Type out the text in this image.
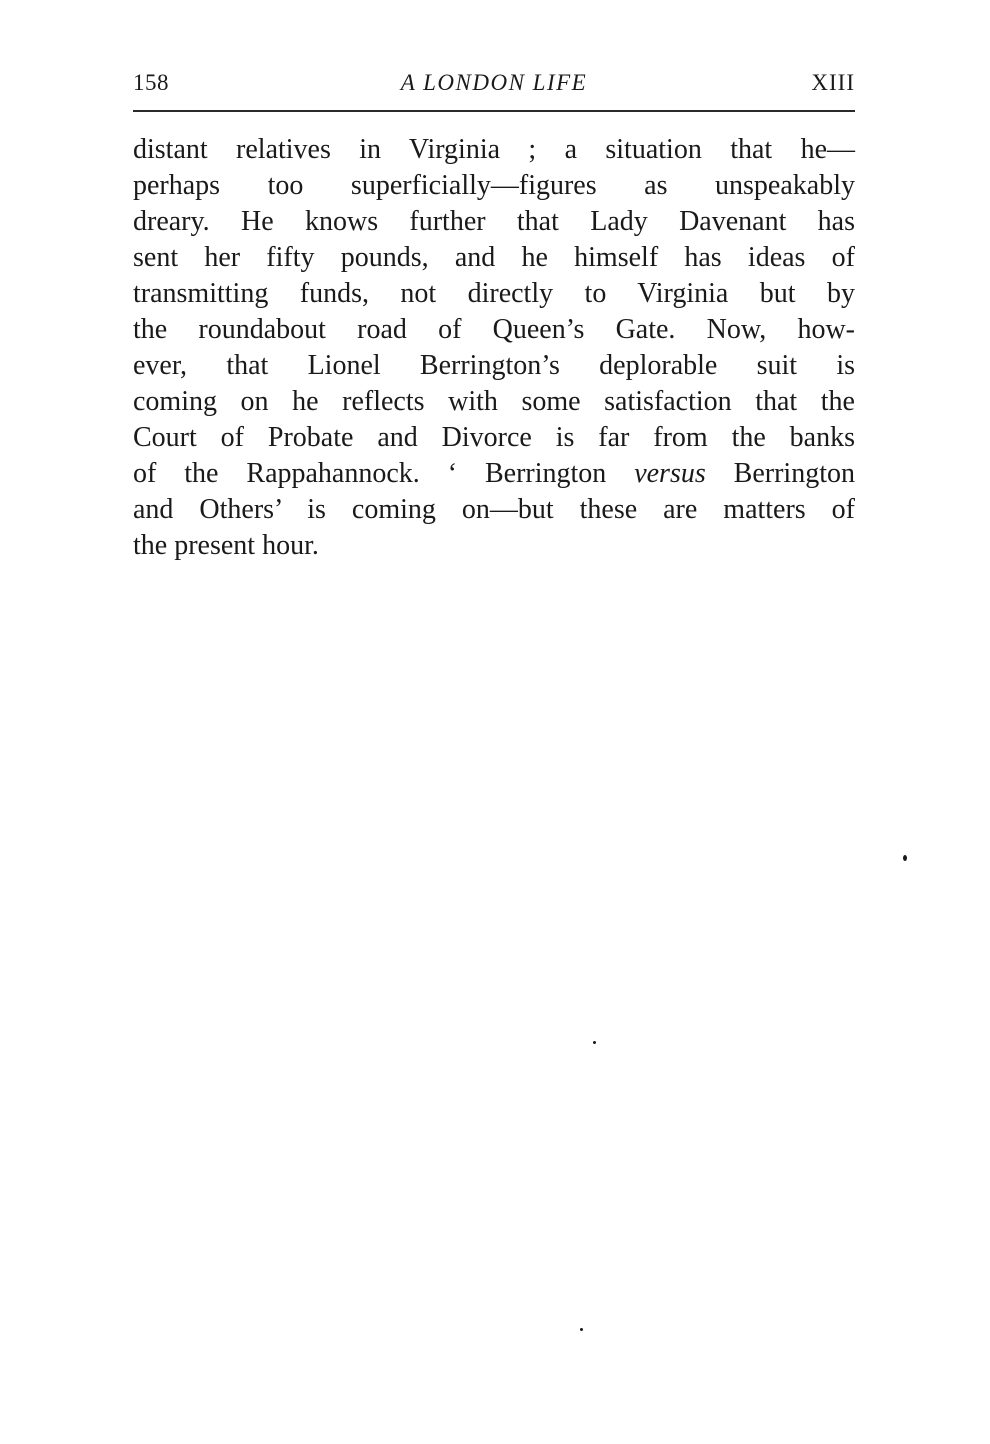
158	A LONDON LIFE	XIII

distant relatives in Virginia ; a situation that he—
perhaps too superficially—figures as unspeakably
dreary. He knows further that Lady Davenant has
sent her fifty pounds, and he himself has ideas of
transmitting funds, not directly to Virginia but by
the roundabout road of Queen’s Gate. Now, how-
ever, that Lionel Berrington’s deplorable suit is
coming on he reflects with some satisfaction that the
Court of Probate and Divorce is far from the banks
of the Rappahannock. ‘ Berrington versus Berrington
and Others’ is coming on—but these are matters of
the present hour.
